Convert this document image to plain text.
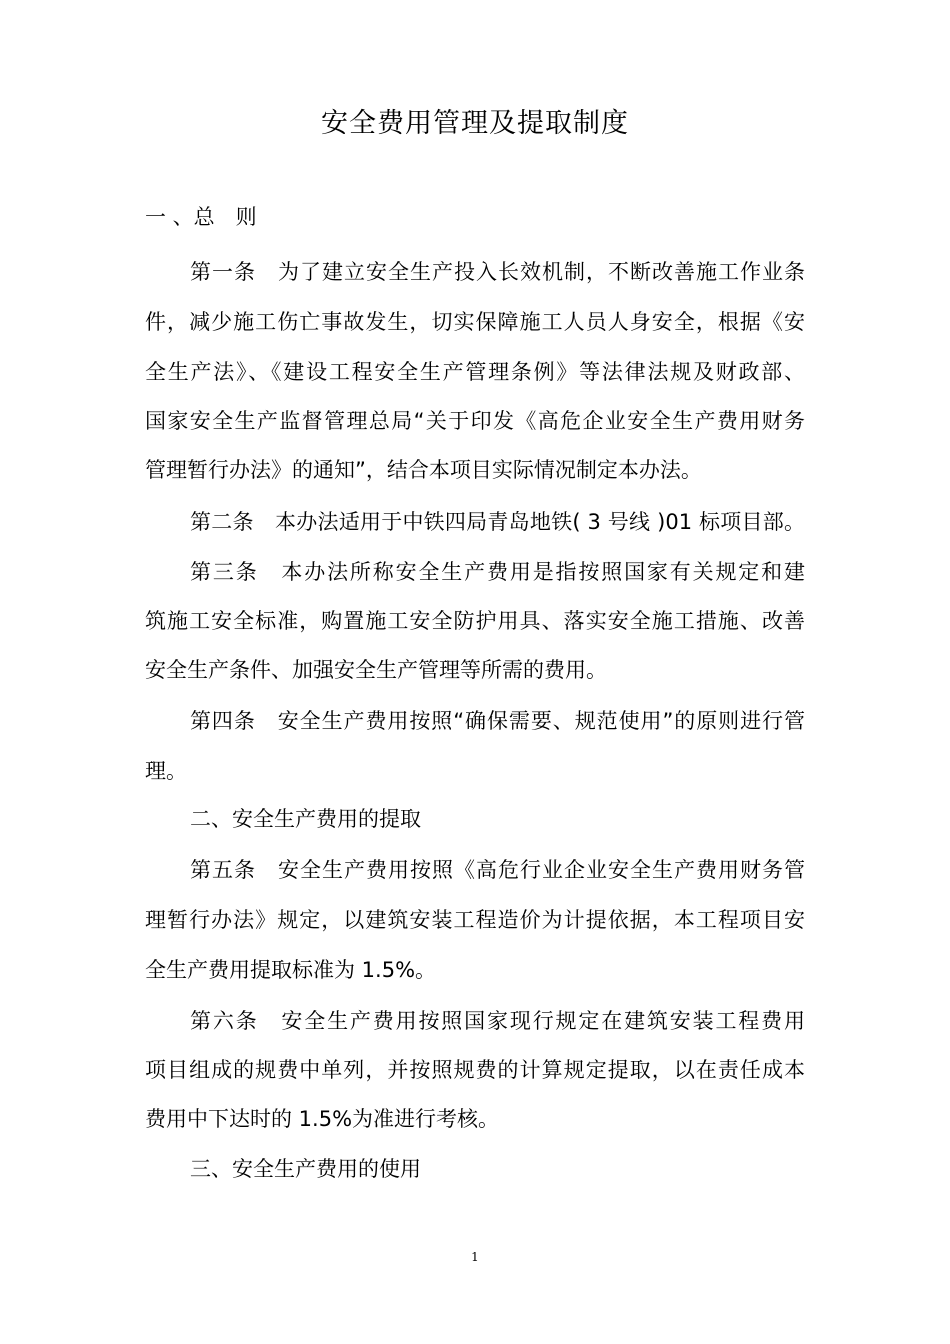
安全费用管理及提取制度
一 、总　则
第一条　为了建立安全生产投入长效机制，不断改善施工作业条
件，减少施工伤亡事故发生，切实保障施工人员人身安全，根据《安
全生产法》、《建设工程安全生产管理条例》等法律法规及财政部、
国家安全生产监督管理总局“关于印发《高危企业安全生产费用财务
管理暂行办法》的通知”，结合本项目实际情况制定本办法。
第二条　本办法适用于中铁四局青岛地铁( 3 号线 )01 标项目部。
第三条　本办法所称安全生产费用是指按照国家有关规定和建
筑施工安全标准，购置施工安全防护用具、落实安全施工措施、改善
安全生产条件、加强安全生产管理等所需的费用。
第四条　安全生产费用按照“确保需要、规范使用”的原则进行管
理。
二、安全生产费用的提取
第五条　安全生产费用按照《高危行业企业安全生产费用财务管
理暂行办法》规定，以建筑安装工程造价为计提依据，本工程项目安
全生产费用提取标准为 1.5%。
第六条　安全生产费用按照国家现行规定在建筑安装工程费用
项目组成的规费中单列，并按照规费的计算规定提取，以在责任成本
费用中下达时的 1.5%为准进行考核。
三、安全生产费用的使用
1
